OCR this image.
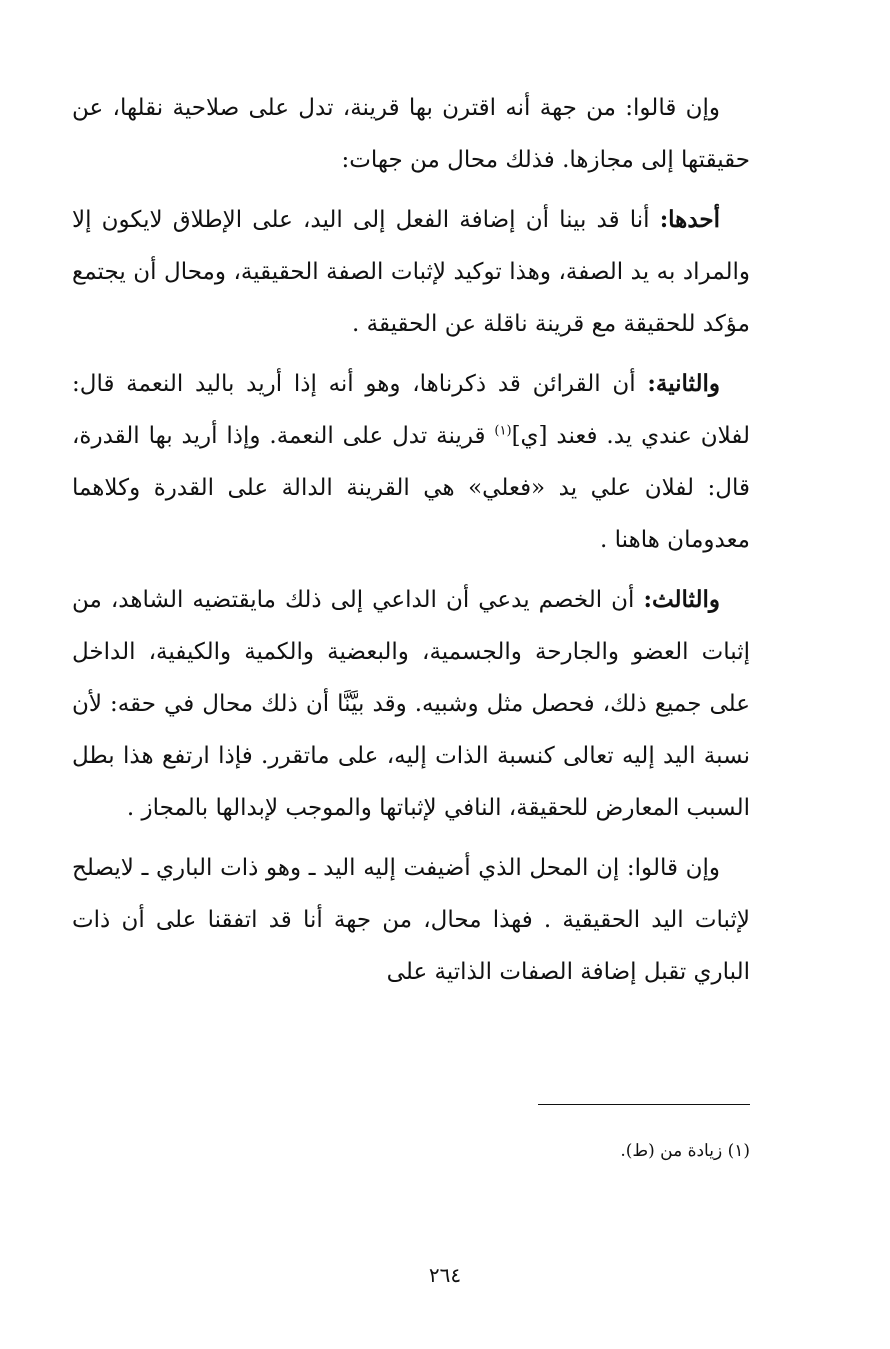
وإن قالوا: من جهة أنه اقترن بها قرينة، تدل على صلاحية نقلها، عن حقيقتها إلى مجازها. فذلك محال من جهات:

أحدها: أنا قد بينا أن إضافة الفعل إلى اليد، على الإطلاق لايكون إلا والمراد به يد الصفة، وهذا توكيد لإثبات الصفة الحقيقية، ومحال أن يجتمع مؤكد للحقيقة مع قرينة ناقلة عن الحقيقة .

والثانية: أن القرائن قد ذكرناها، وهو أنه إذا أريد باليد النعمة قال: لفلان عندي يد. فعند [ي]$^{(١)}$ قرينة تدل على النعمة. وإذا أريد بها القدرة، قال: لفلان علي يد «فعلي» هي القرينة الدالة على القدرة وكلاهما معدومان هاهنا .

والثالث: أن الخصم يدعي أن الداعي إلى ذلك مايقتضيه الشاهد، من إثبات العضو والجارحة والجسمية، والبعضية والكمية والكيفية، الداخل على جميع ذلك، فحصل مثل وشبيه. وقد بيَّنَّا أن ذلك محال في حقه: لأن نسبة اليد إليه تعالى كنسبة الذات إليه، على ماتقرر. فإذا ارتفع هذا بطل السبب المعارض للحقيقة، النافي لإثباتها والموجب لإبدالها بالمجاز .

وإن قالوا: إن المحل الذي أضيفت إليه اليد ـ وهو ذات الباري ـ لايصلح لإثبات اليد الحقيقية . فهذا محال، من جهة أنا قد اتفقنا على أن ذات الباري تقبل إضافة الصفات الذاتية على

(١) زيادة من (ط).
٢٦٤
